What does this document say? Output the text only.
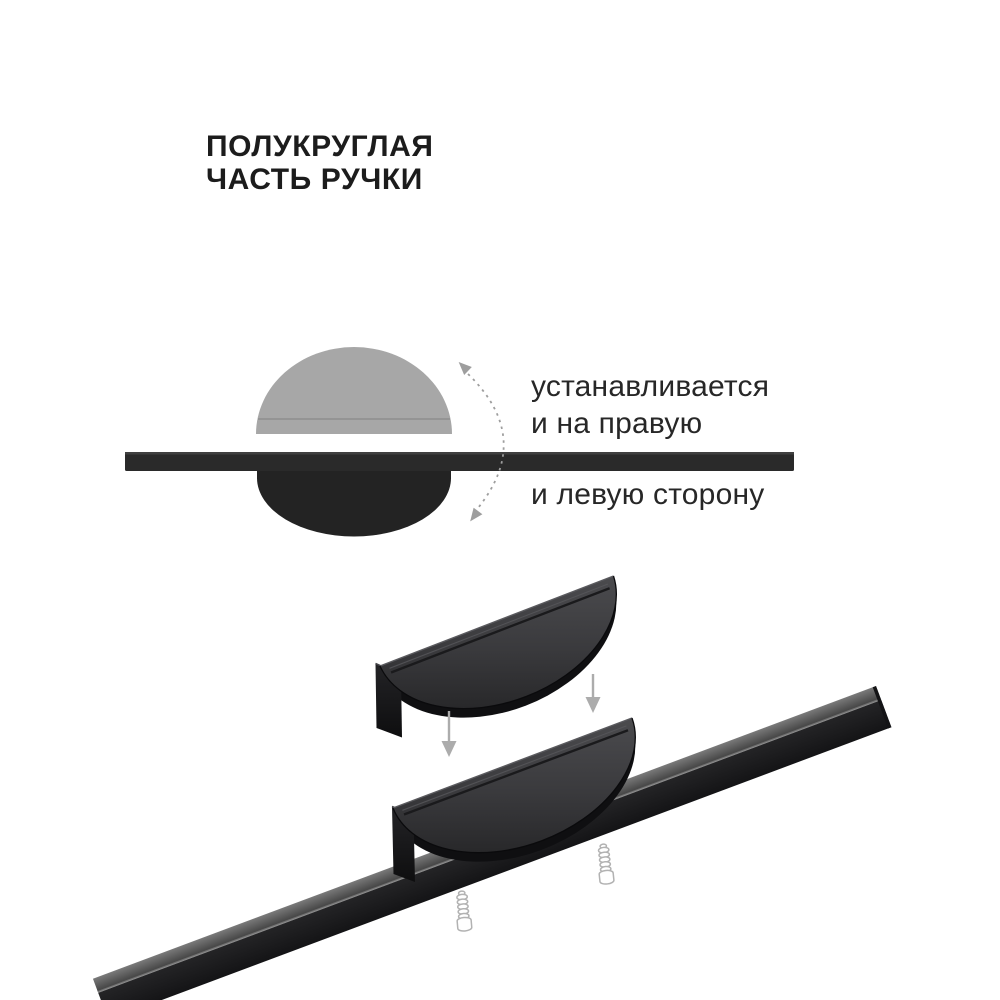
ПОЛУКРУГЛАЯ
ЧАСТЬ РУЧКИ
устанавливается
и на правую
и левую сторону
